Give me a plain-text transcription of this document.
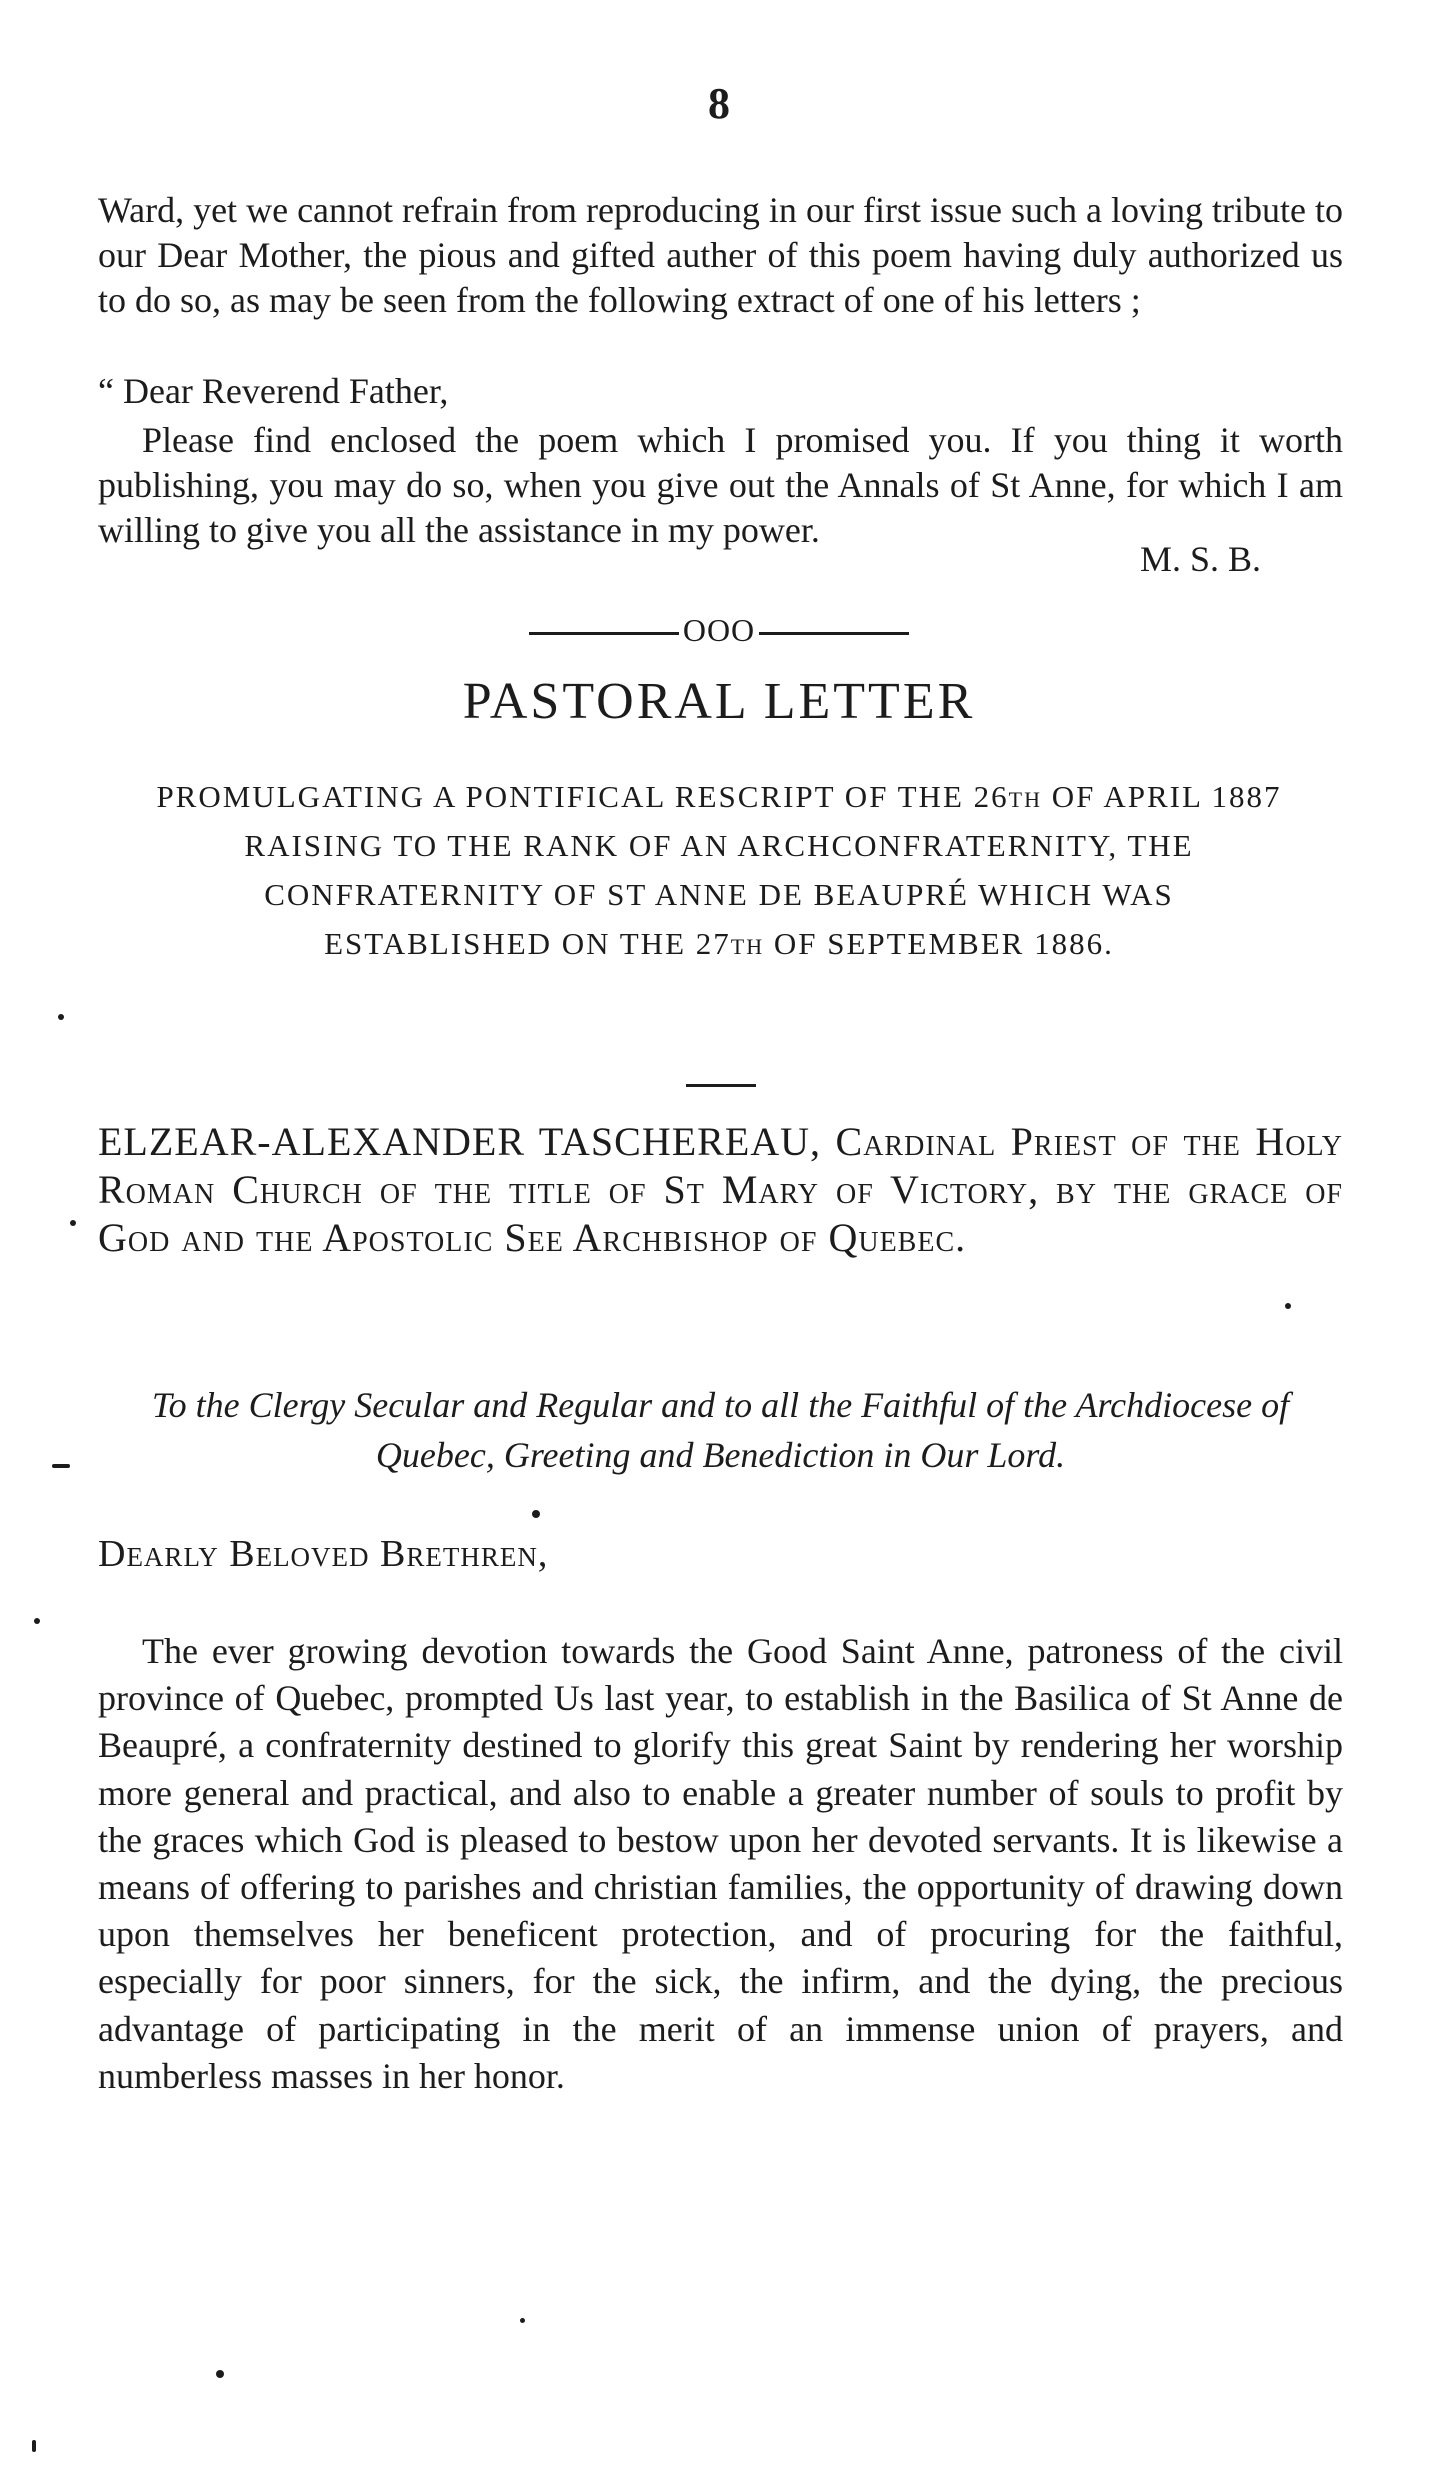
8
Ward, yet we cannot refrain from reproducing in our first issue such a loving tribute to our Dear Mother, the pious and gifted auther of this poem having duly authorized us to do so, as may be seen from the following extract of one of his letters ;
“ Dear Reverend Father,
Please find enclosed the poem which I promised you. If you thing it worth publishing, you may do so, when you give out the Annals of St Anne, for which I am willing to give you all the assistance in my power.
M. S. B.
OOO
PASTORAL LETTER
PROMULGATING A PONTIFICAL RESCRIPT OF THE 26th OF APRIL 1887 RAISING TO THE RANK OF AN ARCHCONFRATERNITY, THE CONFRATERNITY OF ST ANNE DE BEAUPRÉ WHICH WAS ESTABLISHED ON THE 27th OF SEPTEMBER 1886.
ELZEAR-ALEXANDER TASCHEREAU, Cardinal Priest of the Holy Roman Church of the title of St Mary of Victory, by the grace of God and the Apostolic See Archbishop of Quebec.
To the Clergy Secular and Regular and to all the Faithful of the Archdiocese of Quebec, Greeting and Benediction in Our Lord.
Dearly Beloved Brethren,
The ever growing devotion towards the Good Saint Anne, patroness of the civil province of Quebec, prompted Us last year, to establish in the Basilica of St Anne de Beaupré, a confraternity destined to glorify this great Saint by rendering her worship more general and practical, and also to enable a greater number of souls to profit by the graces which God is pleased to bestow upon her devoted servants. It is likewise a means of offering to parishes and christian families, the opportunity of drawing down upon themselves her beneficent protection, and of procuring for the faithful, especially for poor sinners, for the sick, the infirm, and the dying, the precious advantage of participating in the merit of an immense union of prayers, and numberless masses in her honor.
